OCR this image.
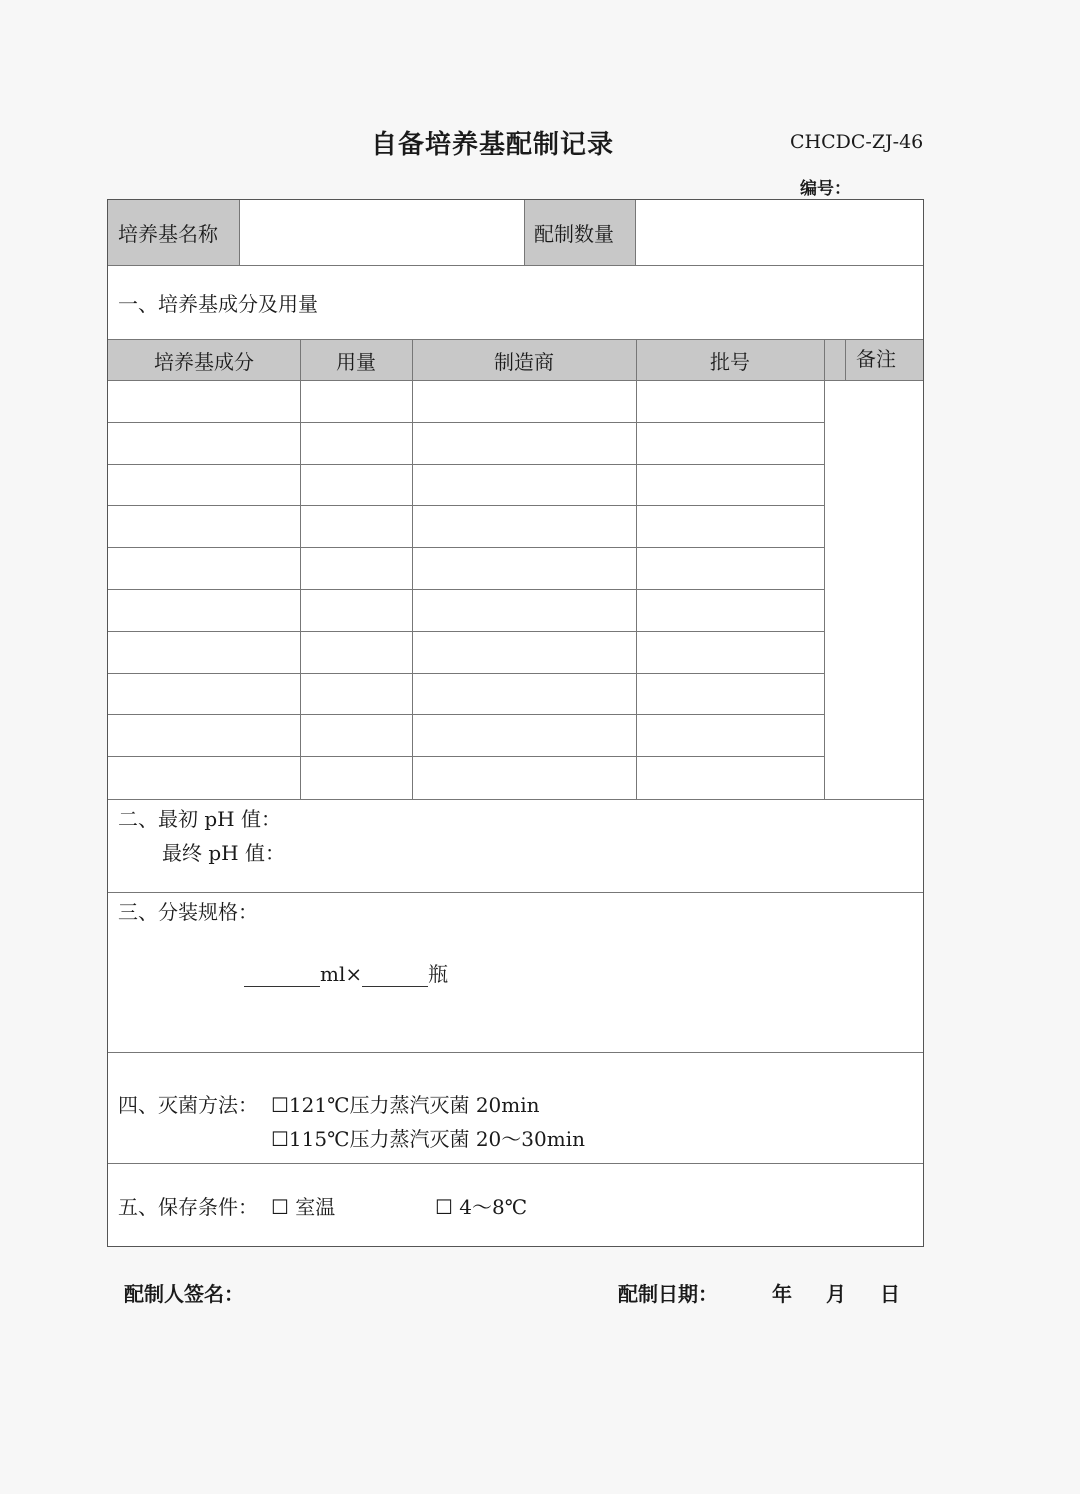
自备培养基配制记录	CHCDC-ZJ-46
编号：
培养基名称	配制数量
一、培养基成分及用量
培养基成分	用量	制造商	批号	备注
二、最初 pH 值：
最终 pH 值：
三、分装规格：
ml×	瓶
四、灭菌方法： ☐121℃压力蒸汽灭菌 20min
☐115℃压力蒸汽灭菌 20～30min
五、保存条件： ☐ 室温	☐ 4～8℃
配制人签名：	配制日期：	年 月 日
